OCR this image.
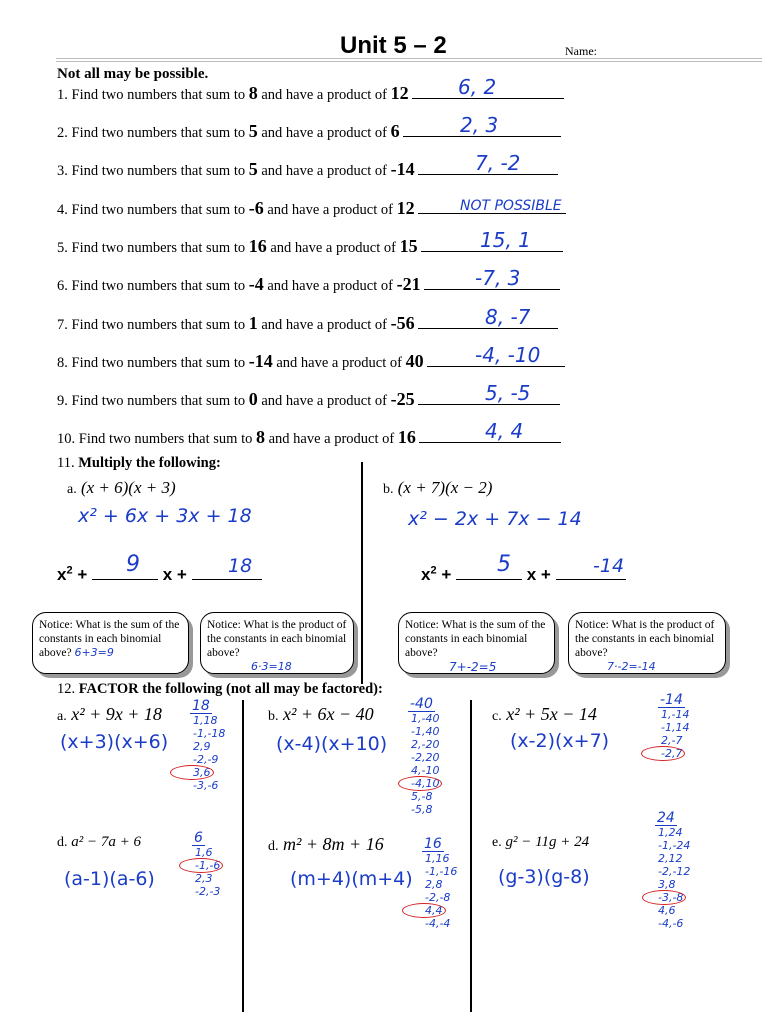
Unit 5 – 2	Name:
Not all may be possible.
1. Find two numbers that sum to 8 and have a product of 12	6, 2
2. Find two numbers that sum to 5 and have a product of 6	2, 3
3. Find two numbers that sum to 5 and have a product of -14	7, -2
4. Find two numbers that sum to -6 and have a product of 12	NOT POSSIBLE
5. Find two numbers that sum to 16 and have a product of 15	15, 1
6. Find two numbers that sum to -4 and have a product of -21	-7, 3
7. Find two numbers that sum to 1 and have a product of -56	8, -7
8. Find two numbers that sum to -14 and have a product of 40	-4, -10
9. Find two numbers that sum to 0 and have a product of -25	5, -5
10. Find two numbers that sum to 8 and have a product of 16	4, 4
11. Multiply the following:
a. (x + 6)(x + 3)
x² + 6x + 3x + 18
$x^2$ +	x +
9	18
Notice: What is the sum of the constants in each binomial above? 6+3=9
Notice: What is the product of the constants in each binomial above?
6·3=18
b. (x + 7)(x − 2)
x² − 2x + 7x − 14
$x^2$ +	x +
5	-14
Notice: What is the sum of the constants in each binomial above?
7+-2=5
Notice: What is the product of the constants in each binomial above?
7·-2=-14
12. FACTOR the following (not all may be factored):
a. x² + 9x + 18
(x+3)(x+6)
18
1,18
-1,-18
2,9
-2,-9
3,6

-3,-6

b. x² + 6x − 40
(x-4)(x+10)
-40
1,-40
-1,40
2,-20
-2,20
4,-10
-4,10

5,-8
-5,8

c. x² + 5x − 14
(x-2)(x+7)
-14
1,-14
-1,14
2,-7
-2,7

d. a² − 7a + 6
(a-1)(a-6)
6
1,6
-1,-6

2,3
-2,-3

d. m² + 8m + 16
(m+4)(m+4)
16
1,16
-1,-16
2,8
-2,-8
4,4

-4,-4

e. g² − 11g + 24
(g-3)(g-8)
24
1,24
-1,-24
2,12
-2,-12
3,8
-3,-8

4,6
-4,-6
